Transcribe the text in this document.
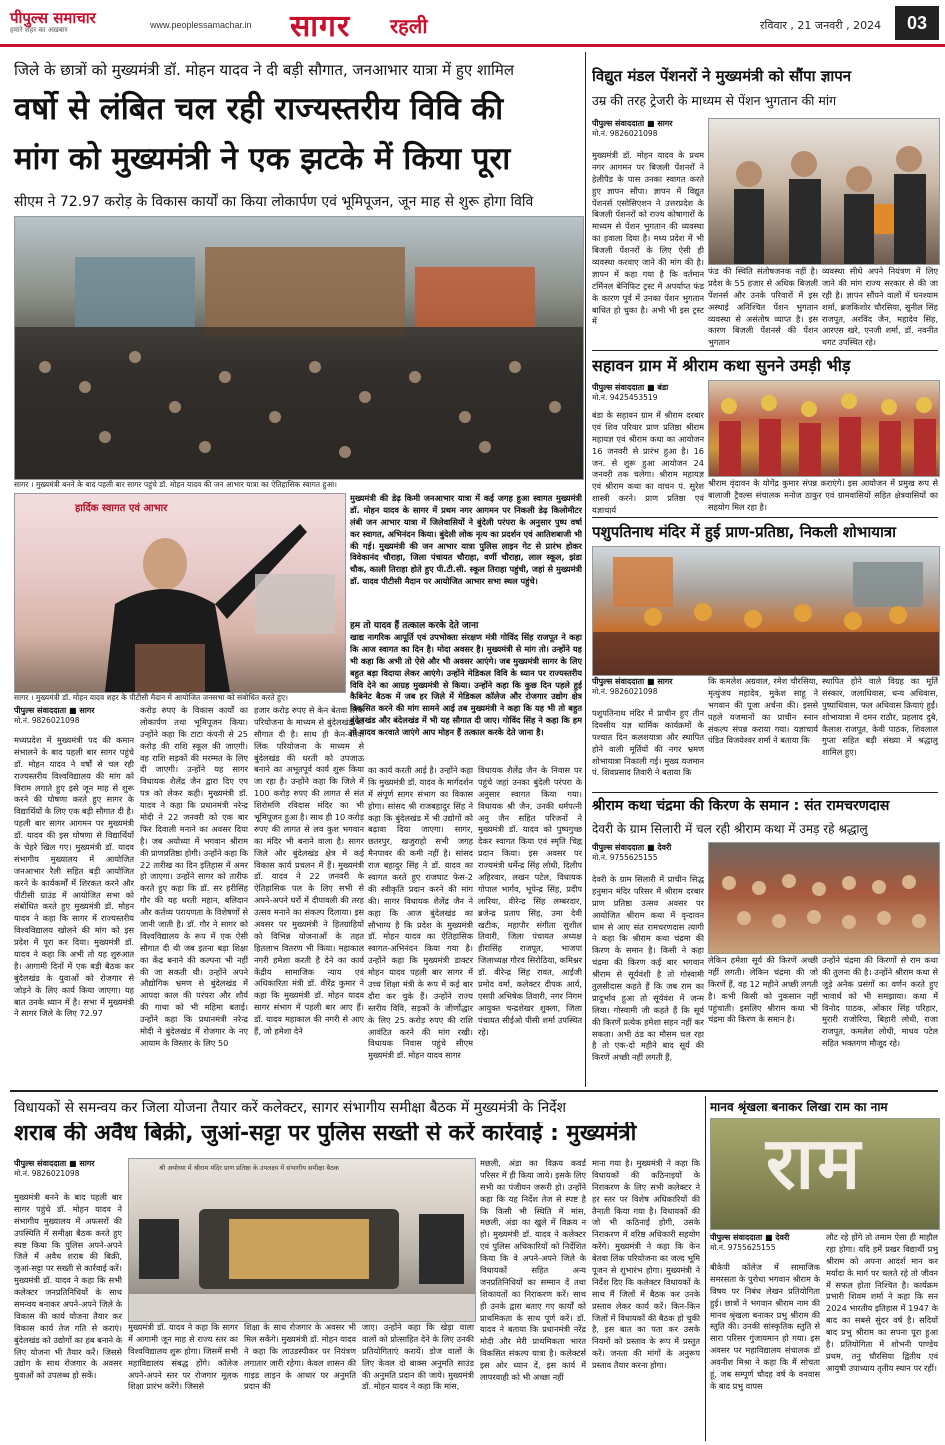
पीपुल्स समाचार
हमारे शहर का अख़बार	www.peoplessamachar.in सागर रहली	रविवार , 21 जनवरी , 2024	03
जिले के छात्रों को मुख्यमंत्री डॉ. मोहन यादव ने दी बड़ी सौगात, जनआभार यात्रा में हुए शामिल
वर्षो से लंबित चल रही राज्यस्तरीय विवि की
मांग को मुख्यमंत्री ने एक झटके में किया पूरा
सीएम ने 72.97 करोड़ के विकास कार्यों का किया लोकार्पण एवं भूमिपूजन, जून माह से शुरू होगा विवि
सागर । मुख्यमंत्री बनने के बाद पहली बार सागर पहुंचे डॉ. मोहन यादव की जन आभार यात्रा का ऐतिहासिक स्वागत हुआ।
हार्दिक स्वागत एवं आभार
सागर । मुख्यमंत्री डॉ. मोहन यादव शहर के पीटीसी मैदान में आयोजित जनसभा को संबोधित करते हुए।
पीपुल्स संवाददाता ■ सागर
मो.नं. 9826021098
मुख्यमंत्री की डेढ़ किमी जनआभार यात्रा में कई जगह हुआ स्वागत मुख्यमंत्री डॉ. मोहन यादव के सागर में प्रथम नगर आगमन पर निकली डेढ़ किलोमीटर लंबी जन आभार यात्रा में जिलेवासियों ने बुंदेली परंपरा के अनुसार पुष्प वर्षा कर स्वागत, अभिनंदन किया। बुंदेली लोक नृत्य का प्रदर्शन एवं आतिशबाजी भी की गई। मुख्यमंत्री की जन आभार यात्रा पुलिस लाइन गेट से प्रारंभ होकर विवेकानंद चौराहा, जिला पंचायत चौराहा, वर्णी चौराहा, लाल स्कूल, झंडा चौक, काली तिराहा होते हुए पी.टी.सी. स्कूल तिराहा पहुंची, जहां से मुख्यमंत्री डॉ. यादव पीटीसी मैदान पर आयोजित आभार सभा स्थल पहुंचे।
हम तो यादव हैं तत्काल करके देते जाना
खाद्य नागरिक आपूर्ति एवं उपभोक्ता संरक्षण मंत्री गोविंद सिंह राजपूत ने कहा कि आज स्वागत का दिन है। मोदा अवसर है। मुख्यमंत्री से मांग तो। उन्होंने यह भी कहा कि अभी तो ऐसे और भी अवसर आएंगे। जब मुख्यमंत्री सागर के लिए बहुत बड़ा विदाया लेकर आएंगे। उन्होंने मेडिकल विवि के ध्यान पर राज्यस्तरीय विवि देने का आग्रह मुख्यमंत्री से किया। उन्होंने कहा कि कुछ दिन पहले हुई कैबिनेट बैठक में जब हर जिले में मेडिकल कॉलेज और रोजगार उद्योग क्षेत्र विकसित करने की मांग सामने आई तब मुख्यमंत्री ने कहा कि यह भी तो बहुत बुंदेलखंड और बंदेलखंड में भी यह सौगात दी जाए। गोविंद सिंह ने कहा कि हम तो यादव करवाते जाएंगे आप मोहन हैं तत्काल करके देते जाना है।
मध्यप्रदेश में मुख्यमंत्री पद की कमान संभालने के बाद पहली बार सागर पहुंचे डॉ. मोहन यादव ने वर्षों से चल रही राज्यस्तरीय विश्वविद्यालय की मांग को विराम लगाते हुए इसे जून माह से शुरू करने की घोषणा करते हुए सागर के विद्यार्थियों के लिए एक बड़ी सौगात दी है। पहली बार सागर आगमन पर मुख्यमंत्री डॉ. यादव की इस घोषणा से विद्यार्थियों के चेहरे खिल गए। मुख्यमंत्री डॉ. यादव संभागीय मुख्यालय में आयोजित जनआभार रैली सहित बड़ी आयोजित करने के कार्यकर्मों में शिरकत करने और पीटीसी ग्राउंड में आयोजित सभा को संबोधित करते हुए मुख्यमंत्री डॉ. मोहन यादव ने कहा कि सागर में राज्यस्तरीय विश्वविद्यालय खोलने की मांग को इस प्रदेश में पूरा कर दिया। मुख्यमंत्री डॉ. यादव ने कहा कि अभी तो यह शुरुआत है। आगामी दिनों में एक बड़ी बैठक कर बुंदेलखंड के युवाओं को रोजगार से जोड़ने के लिए कार्य किया जाएगा। यह बात उनके ध्यान में है। सभा में मुख्यमंत्री ने सागर जिले के लिए 72.97
करोड़ रुपए के विकास कार्यों का लोकार्पण तथा भूमिपूजन किया। उन्होंने कहा कि टाटा कंपनी से 25 करोड़ की राशि स्कूल की जाएगी। वह राशि सड़कों की मरम्मत के लिए दी जाएगी। उन्होंने यह सागर विधायक शैलेंद्र जैन द्वारा दिए एप पत्र को लेकर कही। मुख्यमंत्री डॉ. यादव ने कहा कि प्रधानमंत्री नरेन्द्र मोदी ने 22 जनवरी को एक बार फिर दिवाली मनाने का अवसर दिया है। जब अयोध्या में भगवान श्रीराम की प्राणप्रतिष्ठा होगी। उन्होंने कहा कि 22 तारीख का दिन इतिहास में अमर हो जाएगा। उन्होंने सागर को तारीफ करते हुए कहा कि डॉ. सर हरीसिंह गौर की यह धरती महान, बलिदान और कर्तव्य परायणता के विशेषणों से जानी जाती है। डॉ. गौर ने सागर को विश्वविद्यालय के रूप में एक ऐसी सौगात दी थी जब इतना बड़ा शिक्षा का केंद्र बनाने की कल्पना भी नहीं की जा सकती थी। उन्होंने अपने औद्योगिक भ्रमण से बुंदेलखंड में आपदा काल की परंपरा और शौर्य की गाथा को भी महिमा बताई। उन्होंने कहा कि प्रधानमंत्री नरेन्द्र मोदी ने बुंदेलखंड में रोजगार के नए आयाम के विस्तार के लिए 50
हजार करोड़ रुपए से केन बेतवा लिंक परियोजना के माध्यम से बुंदेलखंड को सौगात दी है। साथ ही केन-बेतवा लिंक परियोजना के माध्यम से बुंदेलखंड की धरती को उपजाऊ बनाने का अभूतपूर्व कार्य शुरू किया जा रहा है। उन्होंने कहा कि जिले में 100 करोड़ रुपए की लागत से संत शिरोमणि रविदास मंदिर का भी भूमिपूजन हुआ है। साथ ही 10 करोड़ रुपए की लागत से लव कुश भगवान का मंदिर भी बनाने वाला है। सागर जिले और बुंदेलखंड क्षेत्र में कई विकास कार्य प्रचलन में हैं। मुख्यमंत्री डॉ. यादव ने 22 जनवरी के ऐतिहासिक पल के लिए सभी से अपने-अपने घरों में दीपावली की तरह उत्सव मनाने का संकल्प दिलाया। इस अवसर पर मुख्यमंत्री ने हितग्राहियों को विभिन्न योजनाओं के तहत हितलाभ वितरण भी किया। महाकाल नगरी हमेशा करती है देने का कार्य केंद्रीय सामाजिक न्याय एवं अधिकारिता मंत्री डॉ. वीरेंद्र कुमार ने कहा कि मुख्यमंत्री डॉ. मोहन यादव सागर संभाग में पहली बार आए हैं। डॉ. यादव महाकाल की नगरी से आए हैं, जो हमेशा देने
का कार्य करती आई है। उन्होंने कहा कि मुख्यमंत्री डॉ. यादव के मार्गदर्शन में संपूर्ण सागर संभाग का विकास होगा। सांसद श्री राजबहादुर सिंह ने कहा कि बुंदेलखंड में भी उद्योगों को बढ़ावा दिया जाएगा। सागर, छतरपुर, खजुराहो सभी जगह मैनपावर की कमी नहीं है। सांसद राज बहादुर सिंह ने डॉ. यादव का स्वागत करते हुए राजघाट फेस-2 की स्वीकृति प्रदान करने की मांग की। सागर विधायक शैलेंद्र जैन ने कहा कि आज बुंदेलखंड का सौभाग्य है कि प्रदेश के मुख्यमंत्री डॉ. मोहन यादव का ऐतिहासिक स्वागत-अभिनंदन किया गया है। उन्होंने कहा कि मुख्यमंत्री डाक्टर मोहन यादव पहली बार सागर में उच्च शिक्षा मंत्री के रूप में कई बार दौरा कर चुके हैं। उन्होंने राज्य स्तरीय विवि, सड़कों के जीर्णोद्धार के लिए 25 करोड़ रुपए की राशि आवंटित करने की मांग रखी। विधायक निवास पहुंचे सीएम मुख्यमंत्री डॉ. मोहन यादव सागर
विधायक शैलेंद्र जैन के निवास पर पहुंचे जहां उनका बुंदेली परंपरा के अनुसार स्वागत किया गया। विधायक श्री जैन, उनकी धर्मपत्नी अनु जैन सहित परिजनों ने मुख्यमंत्री डॉ. यादव को पुष्पगुच्छ देकर स्वागत किया एवं स्मृति चिह्न प्रदान किया। इस अवसर पर राज्यमंत्री धर्मेन्द्र सिंह लोधी, दिलीप अहिरवार, लखन पटेल, विधायक गोपाल भार्गव, भूपेन्द्र सिंह, प्रदीप लारिया, वीरेन्द्र सिंह लम्बरदार, ब्रजेन्द्र प्रताप सिंह, उमा देवी खटीक, महापौर संगीता सुशील तिवारी, जिला पंचायत अध्यक्ष हीरासिंह राजपूत, भाजपा जिलाध्यक्ष गौरव सिरोठिया, कमिश्नर डॉ. वीरेन्द्र सिंह रावत, आईजी प्रमोद वर्मा, कलेक्टर दीपक आर्य, एसपी अभिषेक तिवारी, नगर निगम आयुक्त चन्द्रशेखर शुक्ला, जिला पंचायत सीईओ पीसी शर्मा उपस्थित रहे।
विद्युत मंडल पेंशनरों ने मुख्यमंत्री को सौंपा ज्ञापन
उम्र की तरह ट्रेजरी के माध्यम से पेंशन भुगतान की मांग
पीपुल्स संवाददाता ■ सागर
मो.नं. 9826021098
मुख्यमंत्री डॉ. मोहन यादव के प्रथम नगर आगमन पर बिजली पेंशनरों ने हेलीपैड के पास उनका स्वागत करते हुए ज्ञापन सौंपा। ज्ञापन में विद्युत पेंशनर्स एसोसिएशन ने उत्तरप्रदेश के बिजली पेंशनरों को राज्य कोषागारों के माध्यम से पेंशन भुगतान की व्यवस्था का हवाला दिया है। मध्य प्रदेश में भी बिजली पेंशनरों के लिए ऐसी ही व्यवस्था करवाए जाने की मांग की है। ज्ञापन में कहा गया है कि वर्तमान टर्मिनल बेनिफिट ट्रस्ट में अपर्याप्त फंड के कारण पूर्व में उनका पेंशन भुगतान बाधित हो चुका है। अभी भी इस ट्रस्ट में
फंड की स्थिति संतोषजनक नहीं है। प्रदेश के 55 हजार से अधिक बिजली पेंशनर्स और उनके परिवारों में इस अस्थाई अनिश्चित पेंशन भुगतान व्यवस्था से असंतोष व्याप्त है। इस कारण बिजली पेंशनर्स की पेंशन भुगतान
व्यवस्था सीधे अपने नियंत्रण में लिए जाने की मांग राज्य सरकार से की जा रही है। ज्ञापन सौंपने वालों में घनश्याम शर्मा, ब्रजकिशोर चौरसिया, सुनील सिंह राजपूत, अरविंद जैन, महादेव सिंह, आरएस खरे, एनजी शर्मा, डॉ. नवनीत धगट उपस्थित रहे।
सहावन ग्राम में श्रीराम कथा सुनने उमड़ी भीड़
पीपुल्स संवाददाता ■ बंडा
मो.नं. 9425453519
बंडा के सहावन ग्राम में श्रीराम दरबार एवं शिव परिवार प्राण प्रतिष्ठा श्रीराम महायज्ञ एवं श्रीराम कथा का आयोजन 16 जनवरी से प्रारंभ हुआ है। 16 जन. से शुरू हुआ आयोजन 24 जनवरी तक चलेगा। श्रीराम महायज्ञ एवं श्रीराम कथा का वाचन पं. सुरेश शास्त्री करने। प्राण प्रतिष्ठा एवं यज्ञाचार्य
श्रीराम वृंदावन के योगेंद्र कुमार संपन्न कराएंगे। इस आयोजन में प्रमुख रूप से बालाजी ट्रैवल्स संचालक मनोज ठाकुर एवं ग्रामवासियों सहित क्षेत्रवासियों का सहयोग मिल रहा है।
पशुपतिनाथ मंदिर में हुई प्राण-प्रतिष्ठा, निकली शोभायात्रा
पीपुल्स संवाददाता ■ सागर
मो.नं. 9826021098
पशुपतिनाथ मंदिर में प्राचीन हुए तीन दिवसीय यज्ञ धार्मिक कार्यक्रमों के पश्चात दिन कलशयात्रा और स्थापित होने वाली मूर्तियों की नगर भ्रमण शोभायात्रा निकाली गई। मुख्य यजमान पं. शिवप्रसाद तिवारी ने बताया कि
कि कमलेश अग्रवाल, रमेश चौरसिया, मृत्युंजय महादेव, मुकेश साहू ने भगवान की पूजा अर्चना की। इससे पहले यजमानों का प्राचीन स्नान संकल्प संपन्न कराया गया। यज्ञाचार्य पंडित विजयेश्वर शर्मा ने बताया कि
स्थापित होने वाले विग्रह का मूर्ति संस्कार, जलाधिवास, धन्य अधिवास, पुष्पाधिवास, फल अधिवास क्रियाएं हुईं। शोभायात्रा में दमन राठौर, प्रहलाद दुबे, कैलाश राजपूत, केवी पाठक, शिवलाल गुप्ता सहित बड़ी संख्या में श्रद्धालु शामिल हुए।
श्रीराम कथा चंद्रमा की किरण के समान : संत रामचरणदास
देवरी के ग्राम सिलारी में चल रही श्रीराम कथा में उमड़ रहे श्रद्धालु
पीपुल्स संवाददाता ■ देवरी
मो.नं. 9755625155
देवरी के ग्राम सिलारी में प्राचीन सिद्ध हनुमान मंदिर परिसर में श्रीराम दरबार प्राण प्रतिष्ठा उत्सव अवसर पर आयोजित श्रीराम कथा में वृन्दावन धाम से आए संत रामचरणदास त्यागी ने कहा कि श्रीराम कथा चंद्रमा की किरण के समान है। किसी ने कहा चंद्रमा की किरण कई बार भगवान श्रीराम से सूर्यवंशी है तो गोस्वामी तुलसीदास कहते हैं कि जब राम का प्रादुर्भाव हुआ तो सूर्यवंश में जन्म लिया। गोस्वामी जी कहते हैं कि सूर्य की किरणें प्रत्येक हमेशा सहन नहीं कर सकता। अभी ठंड का मौसम चल रहा है तो एक-दो महीने बाद सूर्य की किरणें अच्छी नहीं लगती हैं,
लेकिन हमेशा सूर्य की किरणें अच्छी नहीं लगती। लेकिन चंद्रमा की जो किरणें हैं, वह 12 महीने अच्छी लगती है। कभी किसी को नुकसान नहीं पहुंचाती। इसलिए श्रीराम कथा भी चंद्रमा की किरण के समान है।
उन्होंने चंद्रमा की किरणों से राम कथा की तुलना की है। उन्होंने श्रीराम कथा से जुड़े अनेक प्रसंगों का वर्णन करते हुए भावार्थ को भी समझाया। कथा में विनोद पाठक, ओंकार सिंह परिहार, मुरारी राजोरिया, बिहारी लोधी, राजा राजपूत, कमलेश लोधी, माधव पटेल सहित भक्तगण मौजूद रहे।
विधायकों से समन्वय कर जिला योजना तैयार करें कलेक्टर, सागर संभागीय समीक्षा बैठक में मुख्यमंत्री के निर्देश
शराब की अवैध बिक्री, जुआं-सट्टा पर पुलिस सख्ती से करें कार्रवाई : मुख्यमंत्री
पीपुल्स संवाददाता ■ सागर
मो.नं. 9826021098
मुख्यमंत्री बनने के बाद पहली बार सागर पहुंचे डॉ. मोहन यादव ने संभागीय मुख्यालय में अफसरों की उपस्थिति में समीक्षा बैठक करते हुए स्पष्ट किया कि पुलिस अपने-अपने जिले में अवैध शराब की बिक्री, जुआं-सट्टा पर सख्ती से कार्रवाई करें। मुख्यमंत्री डॉ. यादव ने कहा कि सभी कलेक्टर जनप्रतिनिधियों के साथ समन्वय बनाकर अपने-अपने जिले के विकास की कार्य योजना तैयार कर विकास कार्य तेज गति से कराएं। बुंदेलखंड को उद्योगों का हब बनाने के लिए योजना भी तैयार करें। जिससे उद्योग के साथ रोजगार के अवसर युवाओं को उपलब्ध हो सकें।
श्री अयोध्या में श्रीराम मंदिर प्राण प्रतिष्ठा के उपलक्ष्य में संभागीय समीक्षा बैठक
मुख्यमंत्री डॉ. यादव ने कहा कि सागर में आगामी जून माह से राज्य स्तर का विश्वविद्यालय शुरू होगा। जिसमें सभी महाविद्यालय संबद्ध होंगे। कॉलेज अपने-अपने स्तर पर रोजगार मूलक शिक्षा प्रारंभ करेंगे। जिससे
शिक्षा के साथ रोजगार के अवसर भी मिल सकेंगे। मुख्यमंत्री डॉ. मोहन यादव ने कहा कि लाउडस्पीकर पर नियंत्रण लगातार जारी रहेगा। केवल शासन की गाइड लाइन के आधार पर अनुमति प्रदान की
जाए। उन्होंने कहा कि खेड़ा वाला वालों को प्रोत्साहित देने के लिए उनकी प्रतियोगिताएं करायें। डोज वालों के लिए केवल दो बाक्स अनुमति साउंड की अनुमति प्रदान की जाये। मुख्यमंत्री डॉ. मोहन यादव ने कहा कि मांस,
मछली, अंडा का विक्रय कवर्ड परिसर में ही किया जाये। इसके लिए सभी का पंजीयन जरूरी हो। उन्होंने कहा कि यह निर्देश तेज से स्पष्ट है कि किसी भी स्थिति में मांस, मछली, अंडा का खुले में विक्रय न हो। मुख्यमंत्री डॉ. यादव ने कलेक्टर एवं पुलिस अधिकारियों को निर्देशित किया कि वे अपने-अपने जिले के विधायकों सहित अन्य जनप्रतिनिधियों का सम्मान दें तथा शिकायतों का निराकरण करें। साथ ही उनके द्वारा बताए गए कार्यों को प्राथमिकता के साथ पूर्ण करें। डॉ. यादव ने बताया कि प्रधानमंत्री नरेंद्र मोदी और मेरी प्राथमिकता भारत विकसित संकल्प यात्रा है। कलेक्टर्स इस ओर ध्यान दें, इस कार्य में लापरवाही को भी अच्छा नहीं
माना गया है। मुख्यमंत्री ने कहा कि विधायकों की कठिनाइयों के निराकरण के लिए सभी कलेक्टर ने हर स्तर पर विशेष अधिकारियों की तैनाती किया गया है। विधायकों की जो भी कठिनाई होगी, उसके निराकरण में वरिष्ठ अधिकारी सहयोग करेंगे। मुख्यमंत्री ने कहा कि केन बेतवा लिंक परियोजना का जल्द भूमि पूजन से शुभारंभ होगा। मुख्यमंत्री ने निर्देश दिए कि कलेक्टर विधायकों के साथ मैं जिलों में बैठक कर उनके प्रस्ताव लेकर कार्य करें। किन-किन जिलों में विधायकों की बैठक हो चुकी है, इस बात का पता कर उसके नियमों को प्रस्ताव के रूप में प्रस्तुत करें। जनता की मांगों के अनुरूप प्रस्ताव तैयार करना होगा।
मानव श्रृंखला बनाकर लिखा राम का नाम
राम
पीपुल्स संवाददाता ■ देवरी
मो.नं. 9755625155
बीकेपी कॉलेज में सामाजिक समरसता के पुरोधा भगवान श्रीराम के विषय पर निबंध लेखन प्रतियोगिता हुई। छात्रों ने भगवान श्रीराम नाम की मानव श्रृंखला बनाकर प्रभु श्रीराम की स्तुति की। उनकी सांस्कृतिक स्तुति से सारा परिसर गुंजायमान हो गया। इस अवसर पर महाविद्यालय संचालक डॉ अवनीश मिश्रा ने कहा कि मैं सोचता हूं, जब सम्पूर्ण चौदह वर्ष के वनवास के बाद प्रभु वापस
लौट रहे होंगे तो तमाम ऐसा ही माहौल रहा होगा। यदि हमें प्रखर विद्यार्थी प्रभु श्रीराम को अपना आदर्श मान कर मर्यादा के मार्ग पर चलते रहे तो जीवन में सफल होता निश्चित है। कार्यक्रम प्रभारी शिवम शर्मा ने कहा कि सन 2024 भारतीय इतिहास में 1947 के बाद का सबसे सुंदर वर्ष है। सदियों बाद प्रभु श्रीराम का सपना पूरा हुआ है। प्रतियोगिता में शोभनी पाण्डेय प्रथम, तनु चौरसिया द्वितीय एवं आयुषी उपाध्याय तृतीय स्थान पर रहीं।
